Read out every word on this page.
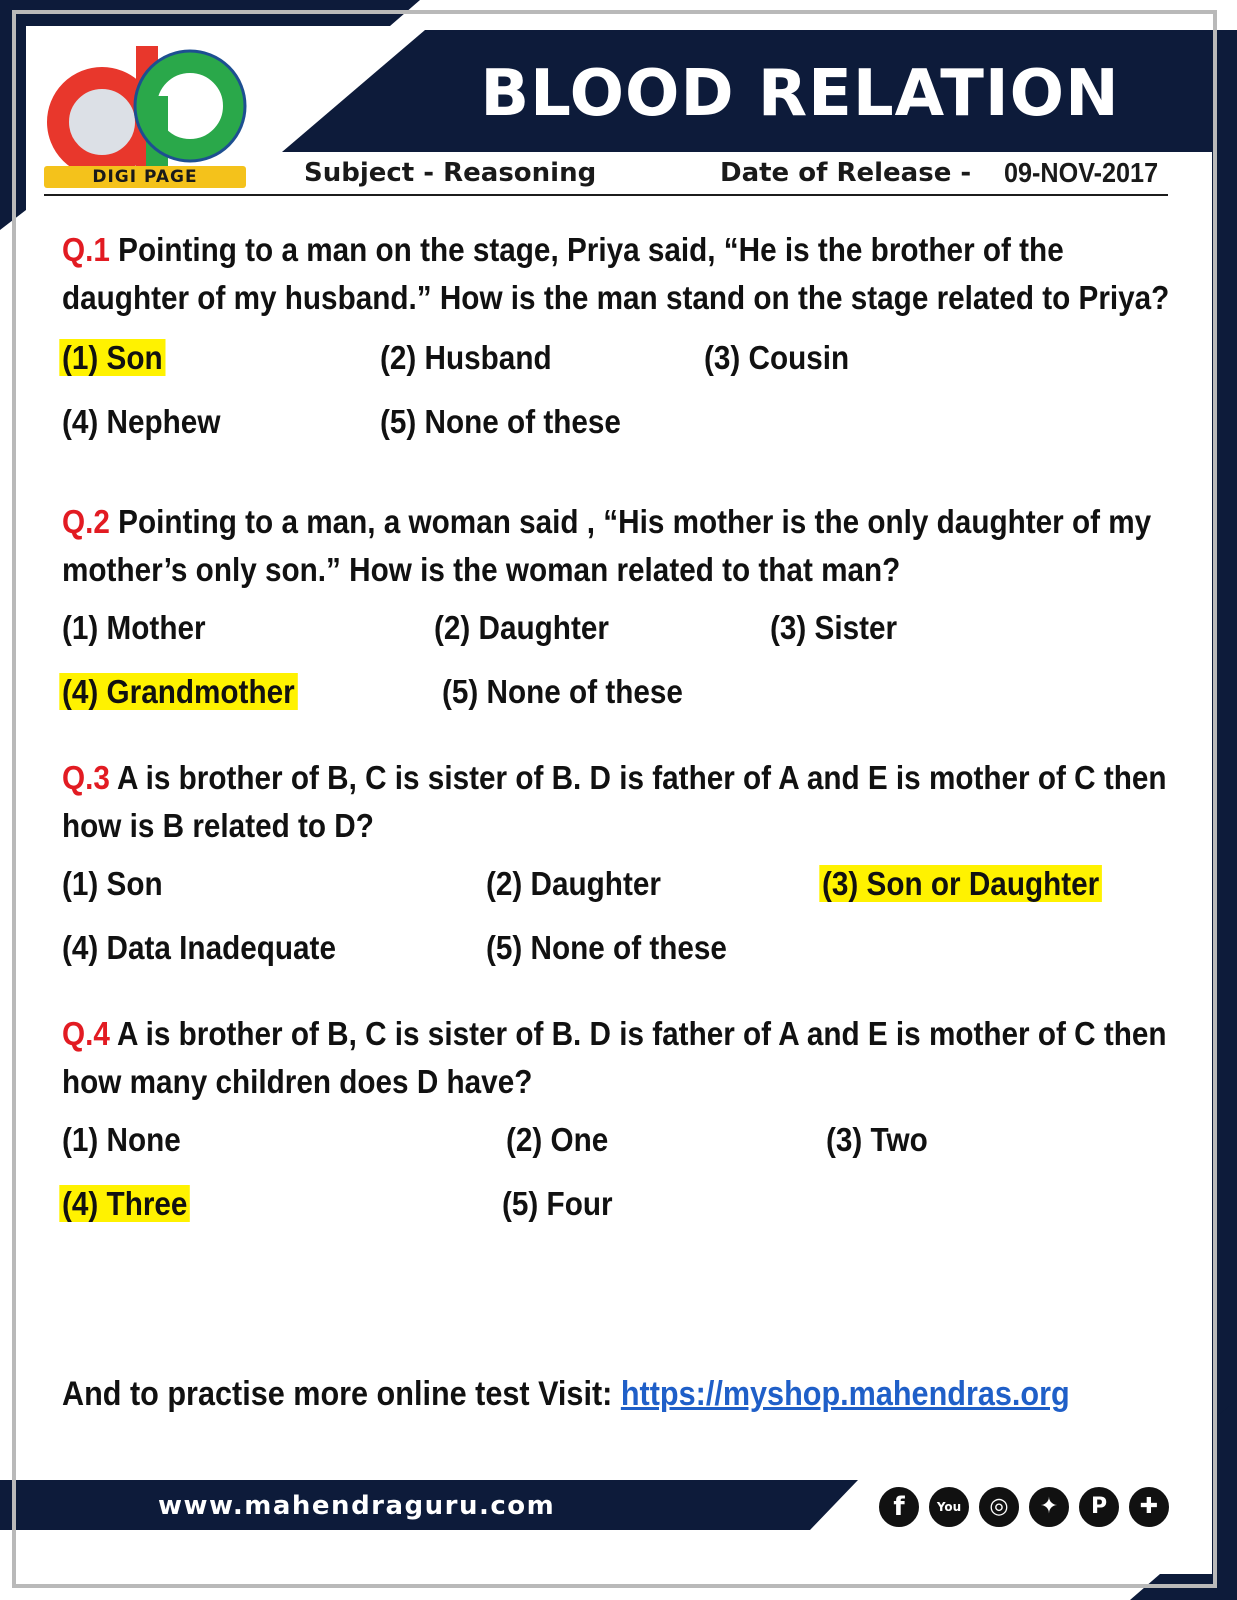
DIGI PAGE
BLOOD RELATION
Subject - Reasoning	Date of Release - 09-NOV-2017
Q.1 Pointing to a man on the stage, Priya said, “He is the brother of the daughter of my husband.” How is the man stand on the stage related to Priya?
(1) Son	(2) Husband	(3) Cousin
(4) Nephew	(5) None of these
Q.2 Pointing to a man, a woman said , “His mother is the only daughter of my mother’s only son.” How is the woman related to that man?
(1) Mother	(2) Daughter	(3) Sister
(4) Grandmother	(5) None of these
Q.3 A is brother of B, C is sister of B. D is father of A and E is mother of C then how is B related to D?
(1) Son	(2) Daughter	(3) Son or Daughter
(4) Data Inadequate	(5) None of these
Q.4 A is brother of B, C is sister of B. D is father of A and E is mother of C then how many children does D have?
(1) None	(2) One	(3) Two
(4) Three	(5) Four
And to practise more online test Visit: https://myshop.mahendras.org
www.mahendraguru.com	f	You	◎	✦	P	✚
